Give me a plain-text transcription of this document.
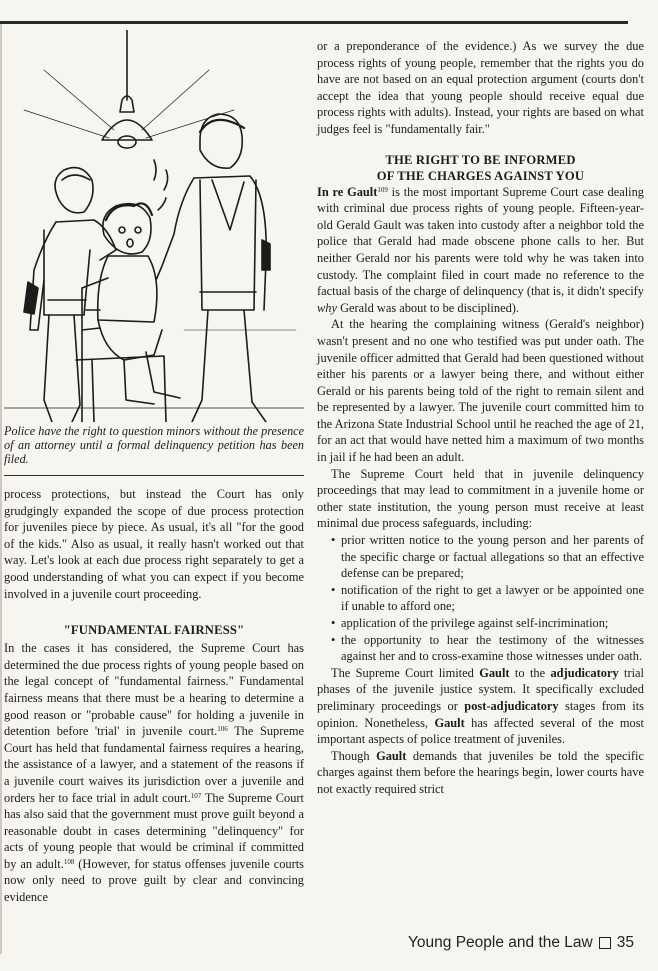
Police have the right to question minors without the presence of an attorney until a formal delinquency petition has been filed.

process protections, but instead the Court has only grudgingly expanded the scope of due process protection for juveniles piece by piece. As usual, it's all "for the good of the kids." Also as usual, it really hasn't worked out that way. Let's look at each due process right separately to get a good understanding of what you can expect if you become involved in a juvenile court proceeding.

"FUNDAMENTAL FAIRNESS"

In the cases it has considered, the Supreme Court has determined the due process rights of young people based on the legal concept of "fundamental fairness." Fundamental fairness means that there must be a hearing to determine a good reason or "probable cause" for holding a juvenile in detention before 'trial' in juvenile court.$^{106}$ The Supreme Court has held that fundamental fairness requires a hearing, the assistance of a lawyer, and a statement of the reasons if a juvenile court waives its jurisdiction over a juvenile and orders her to face trial in adult court.$^{107}$ The Supreme Court has also said that the government must prove guilt beyond a reasonable doubt in cases determining "delinquency" for acts of young people that would be criminal if committed by an adult.$^{108}$ (However, for status offenses juvenile courts now only need to prove guilt by clear and convincing evidence

or a preponderance of the evidence.) As we survey the due process rights of young people, remember that the rights you do have are not based on an equal protection argument (courts don't accept the idea that young people should receive equal due process rights with adults). Instead, your rights are based on what judges feel is "fundamentally fair."

THE RIGHT TO BE INFORMED
OF THE CHARGES AGAINST YOU

In re Gault$^{109}$ is the most important Supreme Court case dealing with criminal due process rights of young people. Fifteen-year-old Gerald Gault was taken into custody after a neighbor told the police that Gerald had made obscene phone calls to her. But neither Gerald nor his parents were told why he was taken into custody. The complaint filed in court made no reference to the factual basis of the charge of delinquency (that is, it didn't specify why Gerald was about to be disciplined).

At the hearing the complaining witness (Gerald's neighbor) wasn't present and no one who testified was put under oath. The juvenile officer admitted that Gerald had been questioned without either his parents or a lawyer being there, and without either Gerald or his parents being told of the right to remain silent and be represented by a lawyer. The juvenile court committed him to the Arizona State Industrial School until he reached the age of 21, for an act that would have netted him a maximum of two months in jail if he had been an adult.

The Supreme Court held that in juvenile delinquency proceedings that may lead to commitment in a juvenile home or other state institution, the young person must receive at least minimal due process safeguards, including:

• prior written notice to the young person and her parents of the specific charge or factual allegations so that an effective defense can be prepared;
• notification of the right to get a lawyer or be appointed one if unable to afford one;
• application of the privilege against self-incrimination;
• the opportunity to hear the testimony of the witnesses against her and to cross-examine those witnesses under oath.

The Supreme Court limited Gault to the adjudicatory trial phases of the juvenile justice system. It specifically excluded preliminary proceedings or post-adjudicatory stages from its opinion. Nonetheless, Gault has affected several of the most important aspects of police treatment of juveniles.

Though Gault demands that juveniles be told the specific charges against them before the hearings begin, lower courts have not exactly required strict

Young People and the Law 35
